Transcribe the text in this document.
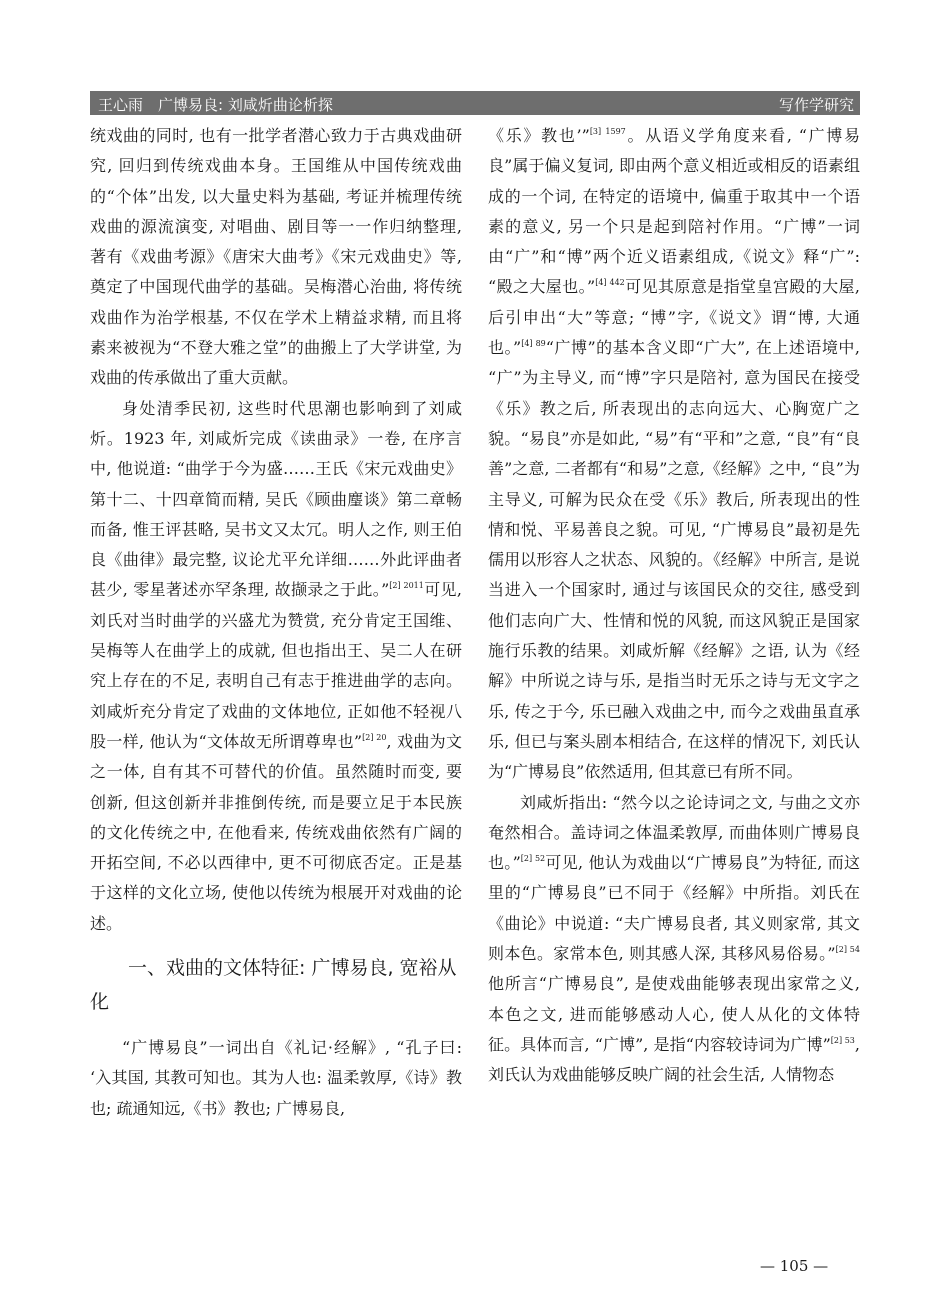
王心雨　广博易良: 刘咸炘曲论析探	写作学研究

统戏曲的同时, 也有一批学者潜心致力于古典戏曲研究, 回归到传统戏曲本身。王国维从中国传统戏曲的“个体”出发, 以大量史料为基础, 考证并梳理传统戏曲的源流演变, 对唱曲、剧目等一一作归纳整理, 著有《戏曲考源》《唐宋大曲考》《宋元戏曲史》等, 奠定了中国现代曲学的基础。吴梅潜心治曲, 将传统戏曲作为治学根基, 不仅在学术上精益求精, 而且将素来被视为“不登大雅之堂”的曲搬上了大学讲堂, 为戏曲的传承做出了重大贡献。

身处清季民初, 这些时代思潮也影响到了刘咸炘。1923 年, 刘咸炘完成《读曲录》一卷, 在序言中, 他说道: “曲学于今为盛……王氏《宋元戏曲史》第十二、十四章简而精, 吴氏《顾曲麈谈》第二章畅而备, 惟王评甚略, 吴书文又太冗。明人之作, 则王伯良《曲律》最完整, 议论尤平允详细……外此评曲者甚少, 零星著述亦罕条理, 故撷录之于此。”$^{[2] 2011}$可见, 刘氏对当时曲学的兴盛尤为赞赏, 充分肯定王国维、吴梅等人在曲学上的成就, 但也指出王、吴二人在研究上存在的不足, 表明自己有志于推进曲学的志向。刘咸炘充分肯定了戏曲的文体地位, 正如他不轻视八股一样, 他认为“文体故无所谓尊卑也”$^{[2] 20}$, 戏曲为文之一体, 自有其不可替代的价值。虽然随时而变, 要创新, 但这创新并非推倒传统, 而是要立足于本民族的文化传统之中, 在他看来, 传统戏曲依然有广阔的开拓空间, 不必以西律中, 更不可彻底否定。正是基于这样的文化立场, 使他以传统为根展开对戏曲的论述。

一、戏曲的文体特征: 广博易良, 宽裕从化

“广博易良”一词出自《礼记·经解》, “孔子曰: ‘入其国, 其教可知也。其为人也: 温柔敦厚,《诗》教也; 疏通知远,《书》教也; 广博易良,

《乐》教也’”$^{[3] 1597}$。从语义学角度来看, “广博易良”属于偏义复词, 即由两个意义相近或相反的语素组成的一个词, 在特定的语境中, 偏重于取其中一个语素的意义, 另一个只是起到陪衬作用。“广博”一词由“广”和“博”两个近义语素组成,《说文》释“广”: “殿之大屋也。”$^{[4] 442}$可见其原意是指堂皇宫殿的大屋, 后引申出“大”等意; “博”字,《说文》谓“博, 大通也。”$^{[4] 89}$“广博”的基本含义即“广大”, 在上述语境中, “广”为主导义, 而“博”字只是陪衬, 意为国民在接受《乐》教之后, 所表现出的志向远大、心胸宽广之貌。“易良”亦是如此, “易”有“平和”之意, “良”有“良善”之意, 二者都有“和易”之意,《经解》之中, “良”为主导义, 可解为民众在受《乐》教后, 所表现出的性情和悦、平易善良之貌。可见, “广博易良”最初是先儒用以形容人之状态、风貌的。《经解》中所言, 是说当进入一个国家时, 通过与该国民众的交往, 感受到他们志向广大、性情和悦的风貌, 而这风貌正是国家施行乐教的结果。刘咸炘解《经解》之语, 认为《经解》中所说之诗与乐, 是指当时无乐之诗与无文字之乐, 传之于今, 乐已融入戏曲之中, 而今之戏曲虽直承乐, 但已与案头剧本相结合, 在这样的情况下, 刘氏认为“广博易良”依然适用, 但其意已有所不同。

刘咸炘指出: “然今以之论诗词之文, 与曲之文亦奄然相合。盖诗词之体温柔敦厚, 而曲体则广博易良也。”$^{[2] 52}$可见, 他认为戏曲以“广博易良”为特征, 而这里的“广博易良”已不同于《经解》中所指。刘氏在《曲论》中说道: “夫广博易良者, 其义则家常, 其文则本色。家常本色, 则其感人深, 其移风易俗易。”$^{[2] 54}$他所言“广博易良”, 是使戏曲能够表现出家常之义, 本色之文, 进而能够感动人心, 使人从化的文体特征。具体而言, “广博”, 是指“内容较诗词为广博”$^{[2] 53}$, 刘氏认为戏曲能够反映广阔的社会生活, 人情物态

— 105 —
